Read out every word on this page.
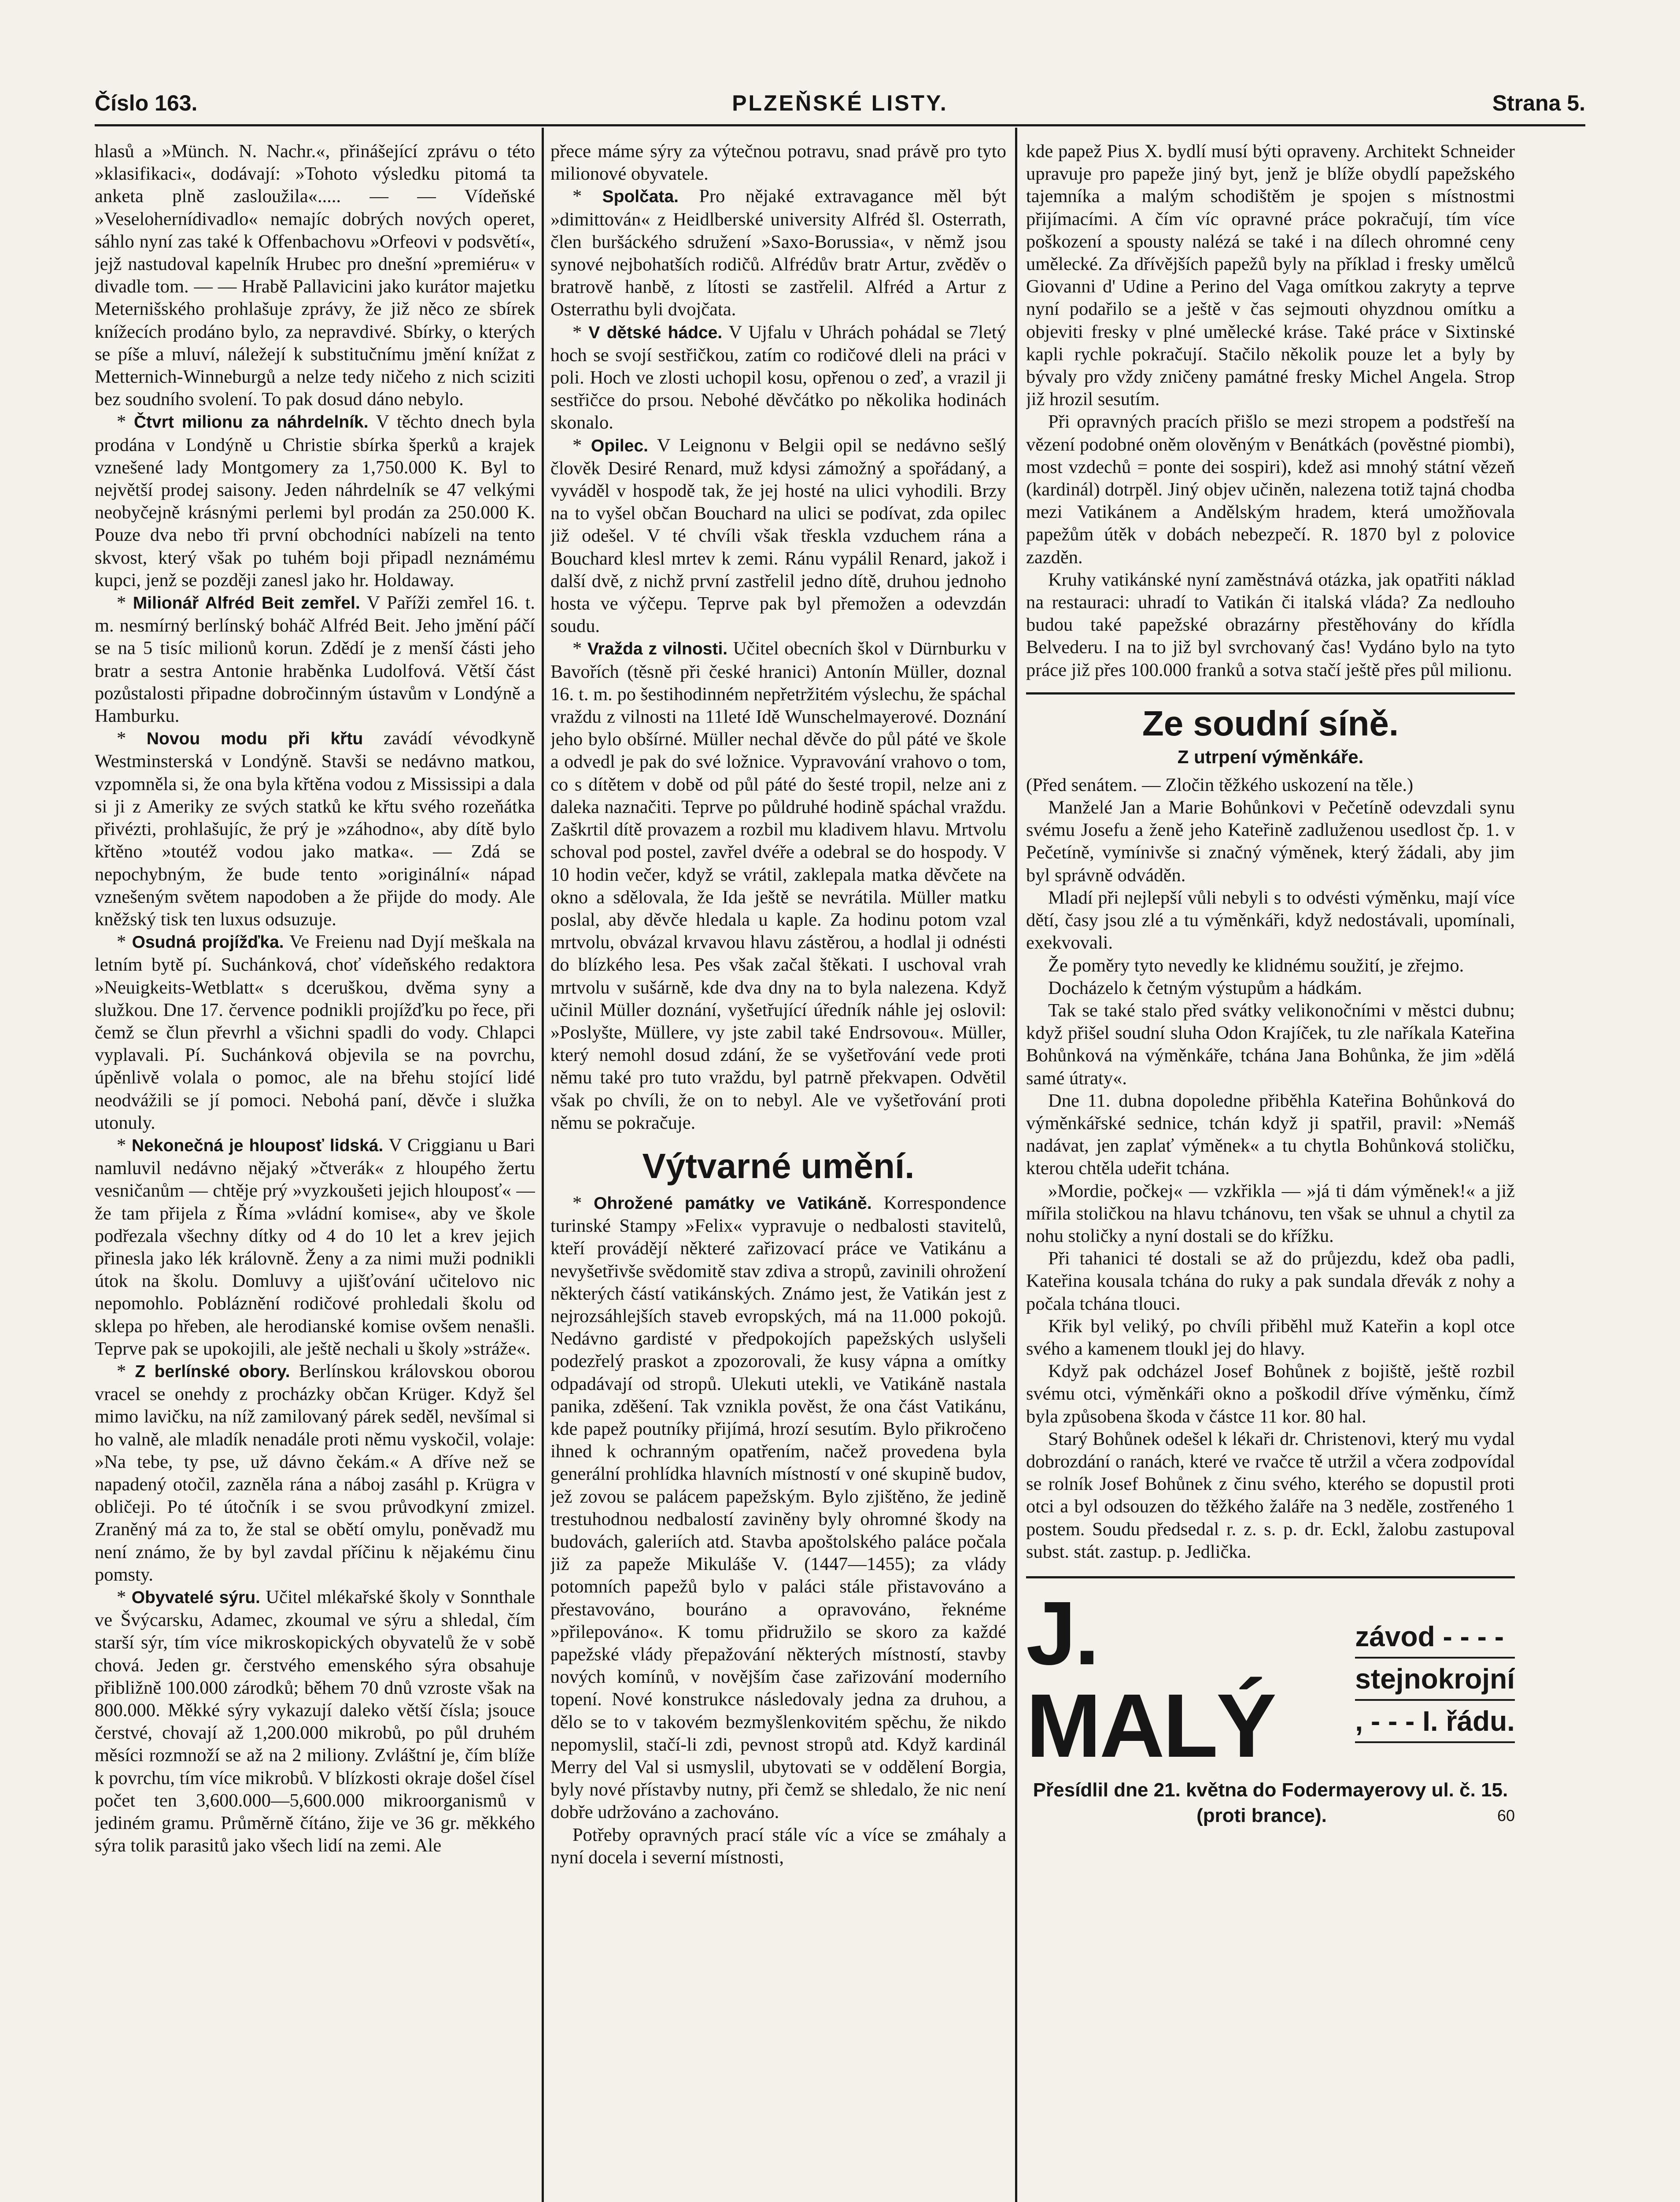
Číslo 163.	PLZEŇSKÉ LISTY.	Strana 5.

hlasů a »Münch. N. Nachr.«, přinášející zprávu o této »klasifikaci«, dodávají: »Tohoto výsledku pitomá ta anketa plně zasloužila«..... — — Vídeňské »Veselohernídivadlo« nemajíc dobrých nových operet, sáhlo nyní zas také k Offenbachovu »Orfeovi v podsvětí«, jejž nastudoval kapelník Hrubec pro dnešní »premiéru« v divadle tom. — — Hrabě Pallavicini jako kurátor majetku Meternišského prohlašuje zprávy, že již něco ze sbírek knížecích prodáno bylo, za nepravdivé. Sbírky, o kterých se píše a mluví, náležejí k substitučnímu jmění knížat z Metternich-Winneburgů a nelze tedy ničeho z nich sciziti bez soudního svolení. To pak dosud dáno nebylo.

* Čtvrt milionu za náhrdelník. V těchto dnech byla prodána v Londýně u Christie sbírka šperků a krajek vznešené lady Montgomery za 1,750.000 K. Byl to největší prodej saisony. Jeden náhrdelník se 47 velkými neobyčejně krásnými perlemi byl prodán za 250.000 K. Pouze dva nebo tři první obchodníci nabízeli na tento skvost, který však po tuhém boji připadl neznámému kupci, jenž se později zanesl jako hr. Holdaway.

* Milionář Alfréd Beit zemřel. V Paříži zemřel 16. t. m. nesmírný berlínský boháč Alfréd Beit. Jeho jmění páčí se na 5 tisíc milionů korun. Zdědí je z menší části jeho bratr a sestra Antonie hraběnka Ludolfová. Větší část pozůstalosti připadne dobročinným ústavům v Londýně a Hamburku.

* Novou modu při křtu zavádí vévodkyně Westminsterská v Londýně. Stavši se nedávno matkou, vzpomněla si, že ona byla křtěna vodou z Mississipi a dala si ji z Ameriky ze svých statků ke křtu svého rozeňátka přivézti, prohlašujíc, že prý je »záhodno«, aby dítě bylo křtěno »toutéž vodou jako matka«. — Zdá se nepochybným, že bude tento »originální« nápad vznešeným světem napodoben a že přijde do mody. Ale kněžský tisk ten luxus odsuzuje.

* Osudná projížďka. Ve Freienu nad Dyjí meškala na letním bytě pí. Suchánková, choť vídeňského redaktora »Neuigkeits-Wetblatt« s dceruškou, dvěma syny a služkou. Dne 17. července podnikli projížďku po řece, při čemž se člun převrhl a všichni spadli do vody. Chlapci vyplavali. Pí. Suchánková objevila se na povrchu, úpěnlivě volala o pomoc, ale na břehu stojící lidé neodvážili se jí pomoci. Nebohá paní, děvče i služka utonuly.

* Nekonečná je hlouposť lidská. V Criggianu u Bari namluvil nedávno nějaký »čtverák« z hloupého žertu vesničanům — chtěje prý »vyzkoušeti jejich hlouposť« — že tam přijela z Říma »vládní komise«, aby ve škole podřezala všechny dítky od 4 do 10 let a krev jejich přinesla jako lék královně. Ženy a za nimi muži podnikli útok na školu. Domluvy a ujišťování učitelovo nic nepomohlo. Pobláznění rodičové prohledali školu od sklepa po hřeben, ale herodianské komise ovšem nenašli. Teprve pak se upokojili, ale ještě nechali u školy »stráže«.

* Z berlínské obory. Berlínskou královskou oborou vracel se onehdy z procházky občan Krüger. Když šel mimo lavičku, na níž zamilovaný párek seděl, nevšímal si ho valně, ale mladík nenadále proti němu vyskočil, volaje: »Na tebe, ty pse, už dávno čekám.« A dříve než se napadený otočil, zazněla rána a náboj zasáhl p. Krügra v obličeji. Po té útočník i se svou průvodkyní zmizel. Zraněný má za to, že stal se obětí omylu, poněvadž mu není známo, že by byl zavdal příčinu k nějakému činu pomsty.

* Obyvatelé sýru. Učitel mlékařské školy v Sonnthale ve Švýcarsku, Adamec, zkoumal ve sýru a shledal, čím starší sýr, tím více mikroskopických obyvatelů že v sobě chová. Jeden gr. čerstvého emenského sýra obsahuje přibližně 100.000 zárodků; během 70 dnů vzroste však na 800.000. Měkké sýry vykazují daleko větší čísla; jsouce čerstvé, chovají až 1,200.000 mikrobů, po půl druhém měsíci rozmnoží se až na 2 miliony. Zvláštní je, čím blíže k povrchu, tím více mikrobů. V blízkosti okraje došel čísel počet ten 3,600.000—5,600.000 mikroorganismů v jediném gramu. Průměrně čítáno, žije ve 36 gr. měkkého sýra tolik parasitů jako všech lidí na zemi. Ale

přece máme sýry za výtečnou potravu, snad právě pro tyto milionové obyvatele.

* Spolčata. Pro nějaké extravagance měl být »dimittován« z Heidlberské university Alfréd šl. Osterrath, člen buršáckého sdružení »Saxo-Borussia«, v němž jsou synové nejbohatších rodičů. Alfrédův bratr Artur, zvěděv o bratrově hanbě, z lítosti se zastřelil. Alfréd a Artur z Osterrathu byli dvojčata.

* V dětské hádce. V Ujfalu v Uhrách pohádal se 7letý hoch se svojí sestřičkou, zatím co rodičové dleli na práci v poli. Hoch ve zlosti uchopil kosu, opřenou o zeď, a vrazil ji sestřičce do prsou. Nebohé děvčátko po několika hodinách skonalo.

* Opilec. V Leignonu v Belgii opil se nedávno sešlý člověk Desiré Renard, muž kdysi zámožný a spořádaný, a vyváděl v hospodě tak, že jej hosté na ulici vyhodili. Brzy na to vyšel občan Bouchard na ulici se podívat, zda opilec již odešel. V té chvíli však třeskla vzduchem rána a Bouchard klesl mrtev k zemi. Ránu vypálil Renard, jakož i další dvě, z nichž první zastřelil jedno dítě, druhou jednoho hosta ve výčepu. Teprve pak byl přemožen a odevzdán soudu.

* Vražda z vilnosti. Učitel obecních škol v Dürnburku v Bavořích (těsně při české hranici) Antonín Müller, doznal 16. t. m. po šestihodinném nepřetržitém výslechu, že spáchal vraždu z vilnosti na 11leté Idě Wunschelmayerové. Doznání jeho bylo obšírné. Müller nechal děvče do půl páté ve škole a odvedl je pak do své ložnice. Vypravování vrahovo o tom, co s dítětem v době od půl páté do šesté tropil, nelze ani z daleka naznačiti. Teprve po půldruhé hodině spáchal vraždu. Zaškrtil dítě provazem a rozbil mu kladivem hlavu. Mrtvolu schoval pod postel, zavřel dvéře a odebral se do hospody. V 10 hodin večer, když se vrátil, zaklepala matka děvčete na okno a sdělovala, že Ida ještě se nevrátila. Müller matku poslal, aby děvče hledala u kaple. Za hodinu potom vzal mrtvolu, obvázal krvavou hlavu zástěrou, a hodlal ji odnésti do blízkého lesa. Pes však začal štěkati. I uschoval vrah mrtvolu v sušárně, kde dva dny na to byla nalezena. Když učinil Müller doznání, vyšetřující úředník náhle jej oslovil: »Poslyšte, Müllere, vy jste zabil také Endrsovou«. Müller, který nemohl dosud zdání, že se vyšetřování vede proti němu také pro tuto vraždu, byl patrně překvapen. Odvětil však po chvíli, že on to nebyl. Ale ve vyšetřování proti němu se pokračuje.

Výtvarné umění.

* Ohrožené památky ve Vatikáně. Korrespondence turinské Stampy »Felix« vypravuje o nedbalosti stavitelů, kteří provádějí některé zařizovací práce ve Vatikánu a nevyšetřivše svědomitě stav zdiva a stropů, zavinili ohrožení některých částí vatikánských. Známo jest, že Vatikán jest z nejrozsáhlejších staveb evropských, má na 11.000 pokojů. Nedávno gardisté v předpokojích papežských uslyšeli podezřelý praskot a zpozorovali, že kusy vápna a omítky odpadávají od stropů. Ulekuti utekli, ve Vatikáně nastala panika, zděšení. Tak vznikla pověst, že ona část Vatikánu, kde papež poutníky přijímá, hrozí sesutím. Bylo přikročeno ihned k ochranným opatřením, načež provedena byla generální prohlídka hlavních místností v oné skupině budov, jež zovou se palácem papežským. Bylo zjištěno, že jedině trestuhodnou nedbalostí zaviněny byly ohromné škody na budovách, galeriích atd. Stavba apoštolského paláce počala již za papeže Mikuláše V. (1447—1455); za vlády potomních papežů bylo v paláci stále přistavováno a přestavováno, bouráno a opravováno, řeknéme »přilepováno«. K tomu přidružilo se skoro za každé papežské vlády přepažování některých místností, stavby nových komínů, v novějším čase zařizování moderního topení. Nové konstrukce následovaly jedna za druhou, a dělo se to v takovém bezmyšlenkovitém spěchu, že nikdo nepomyslil, stačí-li zdi, pevnost stropů atd. Když kardinál Merry del Val si usmyslil, ubytovati se v oddělení Borgia, byly nové přístavby nutny, při čemž se shledalo, že nic není dobře udržováno a zachováno.

Potřeby opravných prací stále víc a více se zmáhaly a nyní docela i severní místnosti,

kde papež Pius X. bydlí musí býti opraveny. Architekt Schneider upravuje pro papeže jiný byt, jenž je blíže obydlí papežského tajemníka a malým schodištěm je spojen s místnostmi přijímacími. A čím víc opravné práce pokračují, tím více poškození a spousty nalézá se také i na dílech ohromné ceny umělecké. Za dřívějších papežů byly na příklad i fresky umělců Giovanni d' Udine a Perino del Vaga omítkou zakryty a teprve nyní podařilo se a ještě v čas sejmouti ohyzdnou omítku a objeviti fresky v plné umělecké kráse. Také práce v Sixtinské kapli rychle pokračují. Stačilo několik pouze let a byly by bývaly pro vždy zničeny památné fresky Michel Angela. Strop již hrozil sesutím.

Při opravných pracích přišlo se mezi stropem a podstřeší na vězení podobné oněm olověným v Benátkách (pověstné piombi), most vzdechů = ponte dei sospiri), kdež asi mnohý státní vězeň (kardinál) dotrpěl. Jiný objev učiněn, nalezena totiž tajná chodba mezi Vatikánem a Andělským hradem, která umožňovala papežům útěk v dobách nebezpečí. R. 1870 byl z polovice zazděn.

Kruhy vatikánské nyní zaměstnává otázka, jak opatřiti náklad na restauraci: uhradí to Vatikán či italská vláda? Za nedlouho budou také papežské obrazárny přestěhovány do křídla Belvederu. I na to již byl svrchovaný čas! Vydáno bylo na tyto práce již přes 100.000 franků a sotva stačí ještě přes půl milionu.

Ze soudní síně.
Z utrpení výměnkáře.

(Před senátem. — Zločin těžkého uskození na těle.)

Manželé Jan a Marie Bohůnkovi v Pečetíně odevzdali synu svému Josefu a ženě jeho Kateřině zadluženou usedlost čp. 1. v Pečetíně, vymínivše si značný výměnek, který žádali, aby jim byl správně odváděn.

Mladí při nejlepší vůli nebyli s to odvésti výměnku, mají více dětí, časy jsou zlé a tu výměnkáři, když nedostávali, upomínali, exekvovali.

Že poměry tyto nevedly ke klidnému soužití, je zřejmo.

Docházelo k četným výstupům a hádkám.

Tak se také stalo před svátky velikonočními v městci dubnu; když přišel soudní sluha Odon Krajíček, tu zle naříkala Kateřina Bohůnková na výměnkáře, tchána Jana Bohůnka, že jim »dělá samé útraty«.

Dne 11. dubna dopoledne přiběhla Kateřina Bohůnková do výměnkářské sednice, tchán když ji spatřil, pravil: »Nemáš nadávat, jen zaplať výměnek« a tu chytla Bohůnková stoličku, kterou chtěla udeřit tchána.

»Mordie, počkej« — vzkřikla — »já ti dám výměnek!« a již mířila stoličkou na hlavu tchánovu, ten však se uhnul a chytil za nohu stoličky a nyní dostali se do křížku.

Při tahanici té dostali se až do průjezdu, kdež oba padli, Kateřina kousala tchána do ruky a pak sundala dřevák z nohy a počala tchána tlouci.

Křik byl veliký, po chvíli přiběhl muž Kateřin a kopl otce svého a kamenem tloukl jej do hlavy.

Když pak odcházel Josef Bohůnek z bojiště, ještě rozbil svému otci, výměnkáři okno a poškodil dříve výměnku, čímž byla způsobena škoda v částce 11 kor. 80 hal.

Starý Bohůnek odešel k lékaři dr. Christenovi, který mu vydal dobrozdání o ranách, které ve rvačce tě utržil a včera zodpovídal se rolník Josef Bohůnek z činu svého, kterého se dopustil proti otci a byl odsouzen do těžkého žaláře na 3 neděle, zostřeného 1 postem. Soudu předsedal r. z. s. p. dr. Eckl, žalobu zastupoval subst. stát. zastup. p. Jedlička.

J. MALÝ
závod - - - -
stejnokrojní
, - - - I. řádu.
Přesídlil dne 21. května do Fodermayerovy ul. č. 15. (proti brance).	60
